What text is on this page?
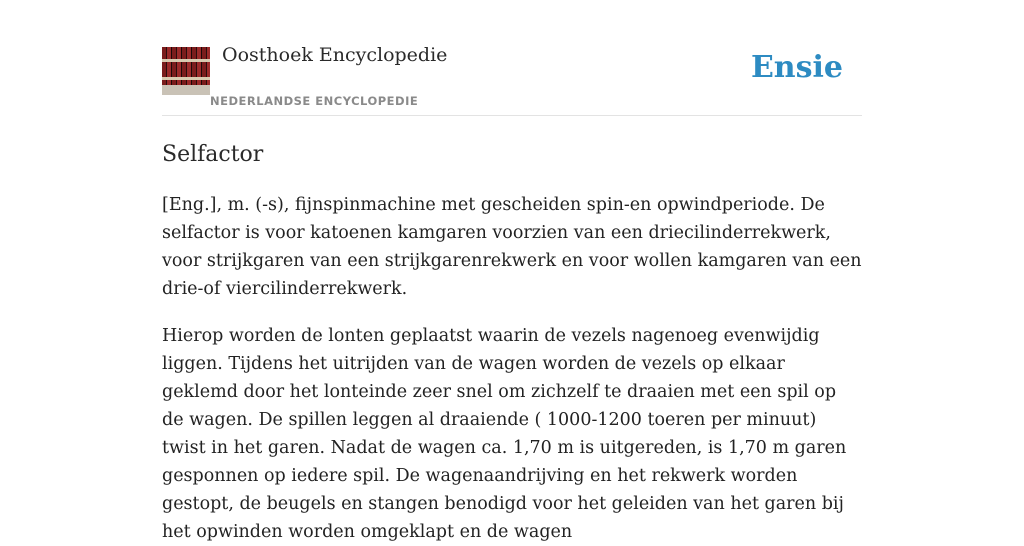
Oosthoek Encyclopedie
NEDERLANDSE ENCYCLOPEDIE
Ensie
Selfactor

[Eng.], m. (-s), fijnspinmachine met gescheiden spin-en opwindperiode. De selfactor is voor katoenen kamgaren voorzien van een driecilinderrekwerk, voor strijkgaren van een strijkgarenrekwerk en voor wollen kamgaren van een drie-of viercilinderrekwerk.

Hierop worden de lonten geplaatst waarin de vezels nagenoeg evenwijdig liggen. Tijdens het uitrijden van de wagen worden de vezels op elkaar geklemd door het lonteinde zeer snel om zichzelf te draaien met een spil op de wagen. De spillen leggen al draaiende ( 1000-1200 toeren per minuut) twist in het garen. Nadat de wagen ca. 1,70 m is uitgereden, is 1,70 m garen gesponnen op iedere spil. De wagenaandrijving en het rekwerk worden gestopt, de beugels en stangen benodigd voor het geleiden van het garen bij het opwinden worden omgeklapt en de wagen
